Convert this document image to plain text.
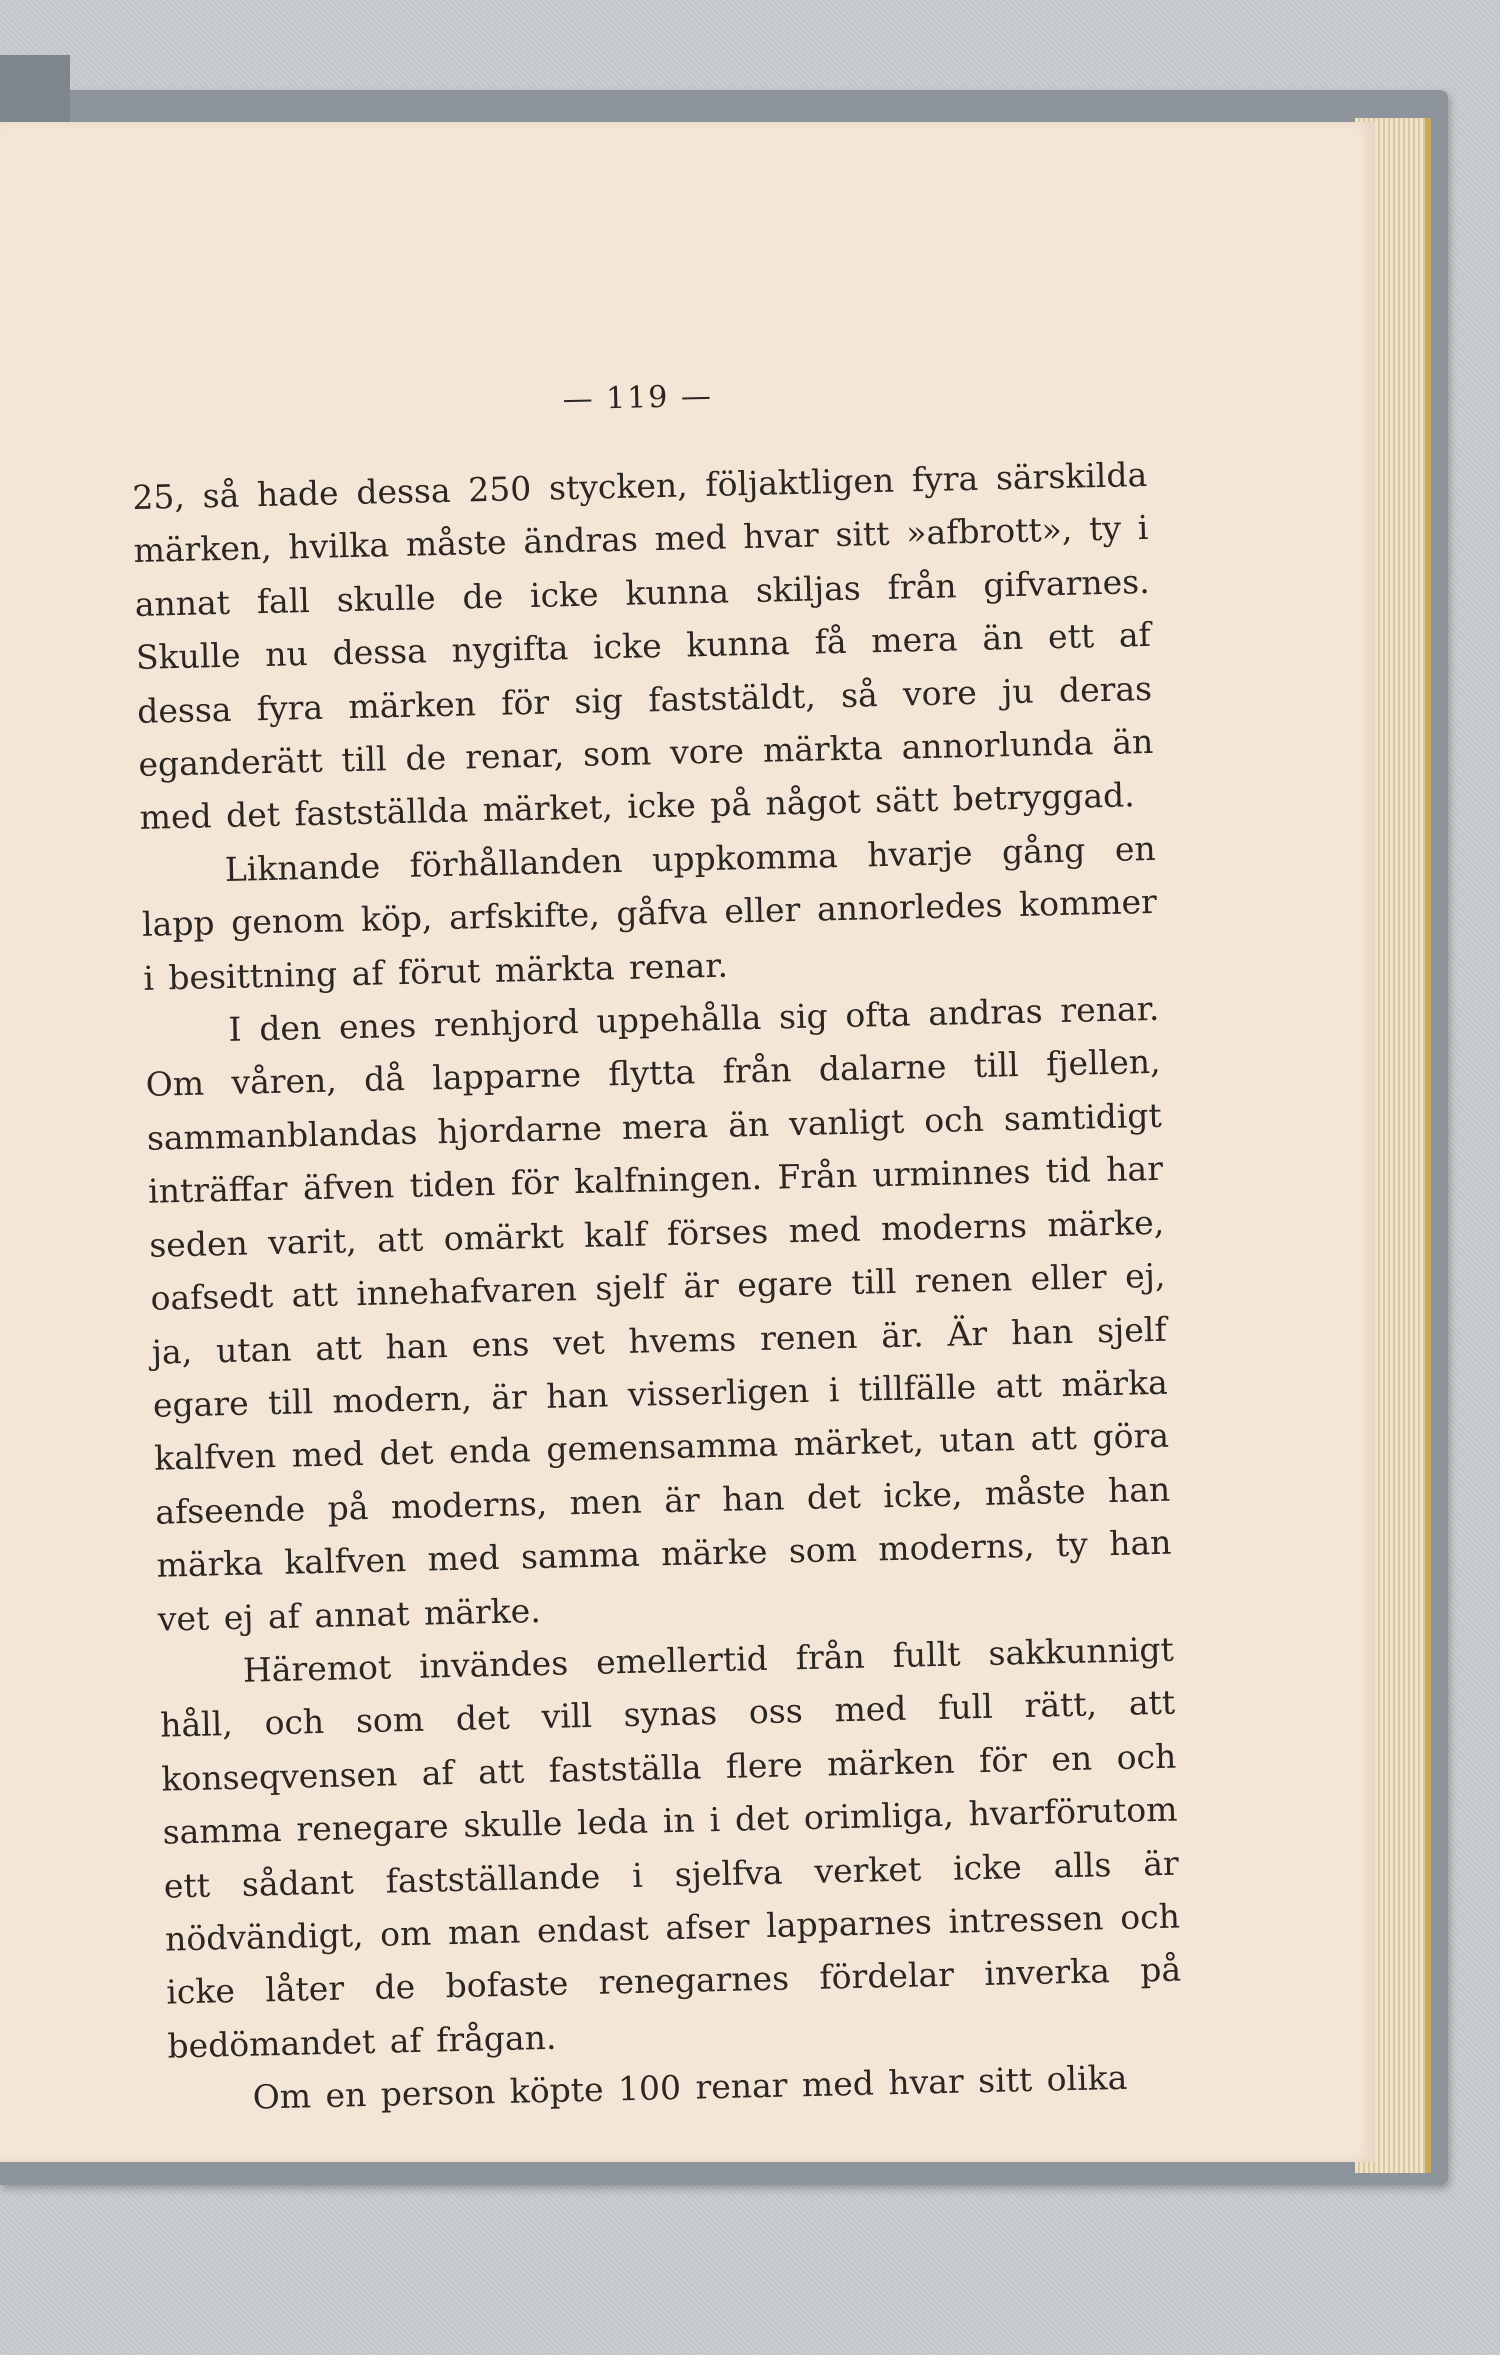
— 119 —

25, så hade dessa 250 stycken, följaktligen fyra särskilda märken, hvilka måste ändras med hvar sitt »afbrott», ty i annat fall skulle de icke kunna skiljas från gifvarnes. Skulle nu dessa nygifta icke kunna få mera än ett af dessa fyra märken för sig faststäldt, så vore ju deras eganderätt till de renar, som vore märkta annorlunda än med det fastställda märket, icke på något sätt betryggad.

Liknande förhållanden uppkomma hvarje gång en lapp genom köp, arfskifte, gåfva eller annorledes kommer i besittning af förut märkta renar.

I den enes renhjord uppehålla sig ofta andras renar. Om våren, då lapparne flytta från dalarne till fjellen, sammanblandas hjordarne mera än vanligt och samtidigt inträffar äfven tiden för kalfningen. Från urminnes tid har seden varit, att omärkt kalf förses med moderns märke, oafsedt att innehafvaren sjelf är egare till renen eller ej, ja, utan att han ens vet hvems renen är. Är han sjelf egare till modern, är han visserligen i tillfälle att märka kalfven med det enda gemensamma märket, utan att göra afseende på moderns, men är han det icke, måste han märka kalfven med samma märke som moderns, ty han vet ej af annat märke.

Häremot invändes emellertid från fullt sakkunnigt håll, och som det vill synas oss med full rätt, att konseqvensen af att fastställa flere märken för en och samma renegare skulle leda in i det orimliga, hvarförutom ett sådant fastställande i sjelfva verket icke alls är nödvändigt, om man endast afser lapparnes intressen och icke låter de bofaste renegarnes fördelar inverka på bedömandet af frågan.

Om en person köpte 100 renar med hvar sitt olika
